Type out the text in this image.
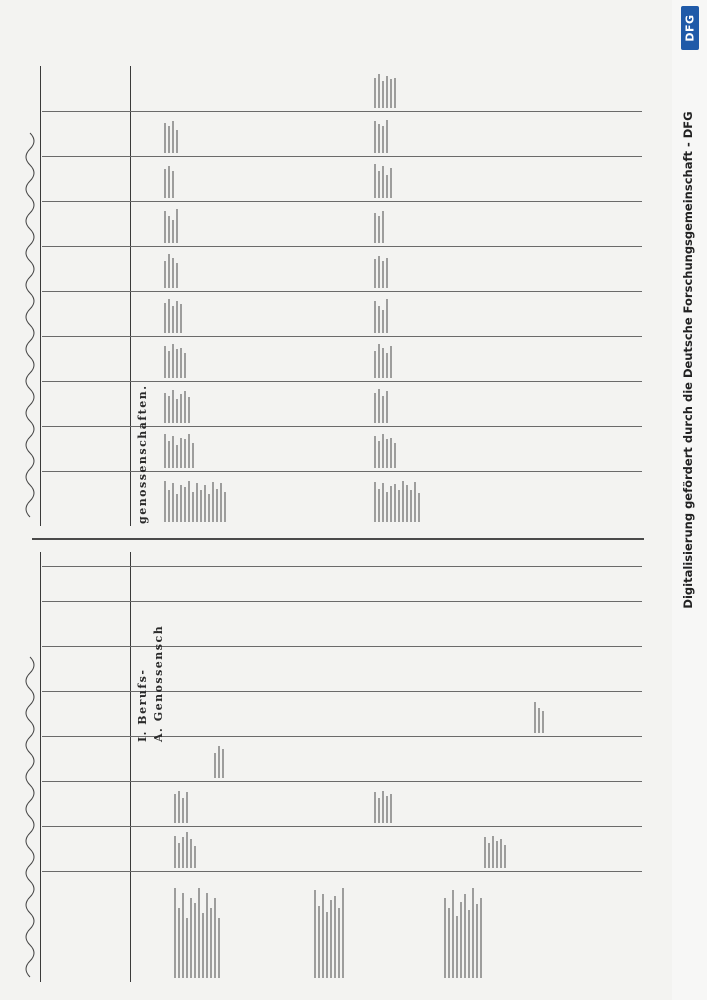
DFG
Digitalisierung gefördert durch die Deutsche Forschungsgemeinschaft - DFG
I. Berufs- A. Genossensch
genossenschaften.
